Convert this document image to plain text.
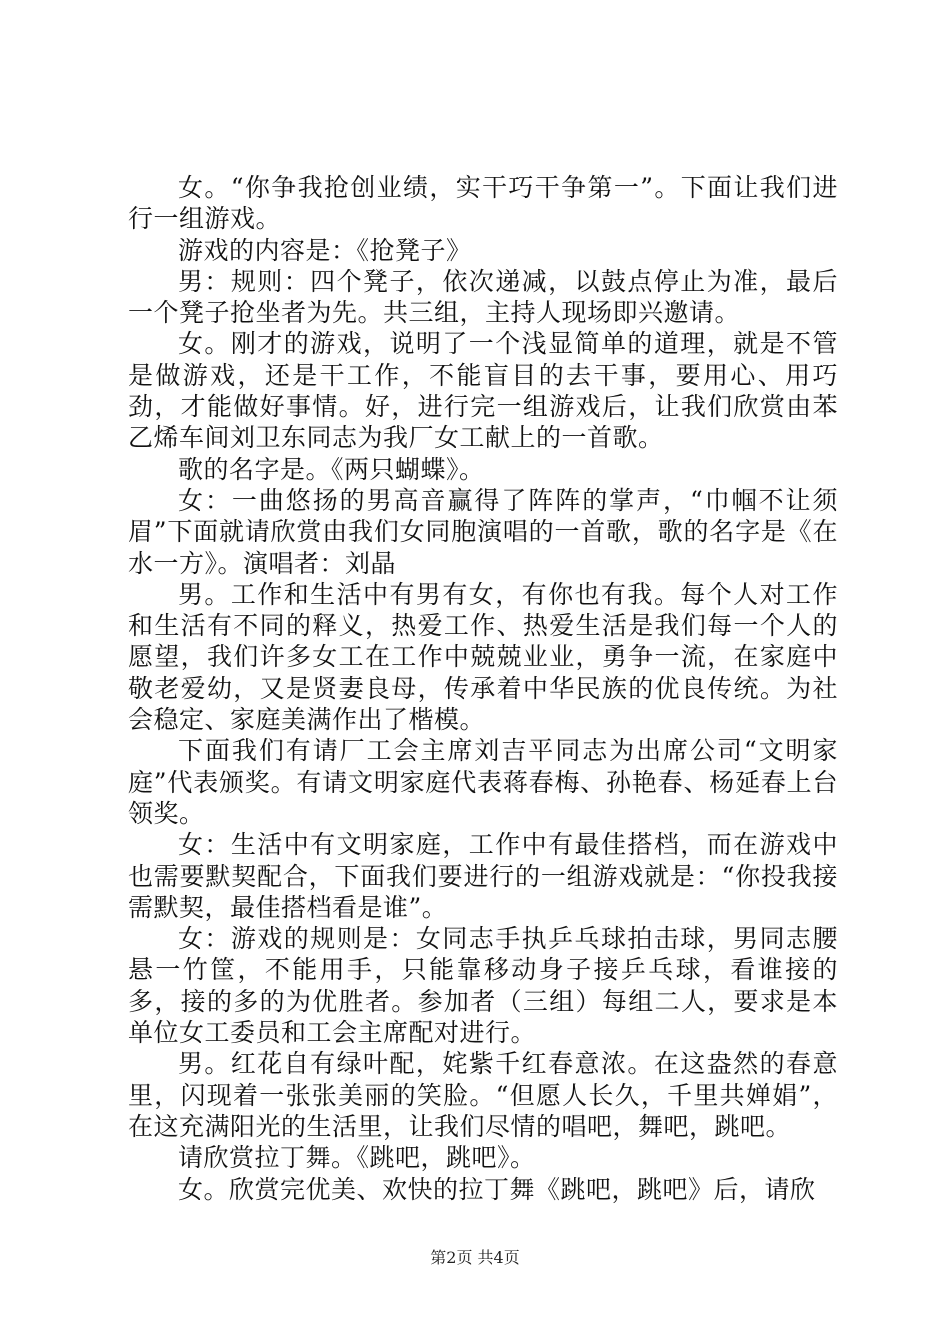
女。“你争我抢创业绩，实干巧干争第一”。下面让我们进行一组游戏。

游戏的内容是：《抢凳子》

男：规则：四个凳子，依次递减，以鼓点停止为准，最后一个凳子抢坐者为先。共三组，主持人现场即兴邀请。

女。刚才的游戏，说明了一个浅显简单的道理，就是不管是做游戏，还是干工作，不能盲目的去干事，要用心、用巧劲，才能做好事情。好，进行完一组游戏后，让我们欣赏由苯乙烯车间刘卫东同志为我厂女工献上的一首歌。

歌的名字是。《两只蝴蝶》。

女：一曲悠扬的男高音赢得了阵阵的掌声，“巾帼不让须眉”下面就请欣赏由我们女同胞演唱的一首歌，歌的名字是《在水一方》。演唱者：刘晶

男。工作和生活中有男有女，有你也有我。每个人对工作和生活有不同的释义，热爱工作、热爱生活是我们每一个人的愿望，我们许多女工在工作中兢兢业业，勇争一流，在家庭中敬老爱幼，又是贤妻良母，传承着中华民族的优良传统。为社会稳定、家庭美满作出了楷模。

下面我们有请厂工会主席刘吉平同志为出席公司“文明家庭”代表颁奖。有请文明家庭代表蒋春梅、孙艳春、杨延春上台领奖。

女：生活中有文明家庭，工作中有最佳搭档，而在游戏中也需要默契配合，下面我们要进行的一组游戏就是：“你投我接需默契，最佳搭档看是谁”。

女：游戏的规则是：女同志手执乒乓球拍击球，男同志腰悬一竹筐，不能用手，只能靠移动身子接乒乓球，看谁接的多，接的多的为优胜者。参加者（三组）每组二人，要求是本单位女工委员和工会主席配对进行。

男。红花自有绿叶配，姹紫千红春意浓。在这盎然的春意里，闪现着一张张美丽的笑脸。“但愿人长久，千里共婵娟”，在这充满阳光的生活里，让我们尽情的唱吧，舞吧，跳吧。

请欣赏拉丁舞。《跳吧，跳吧》。

女。欣赏完优美、欢快的拉丁舞《跳吧，跳吧》后，请欣

第2页 共4页
